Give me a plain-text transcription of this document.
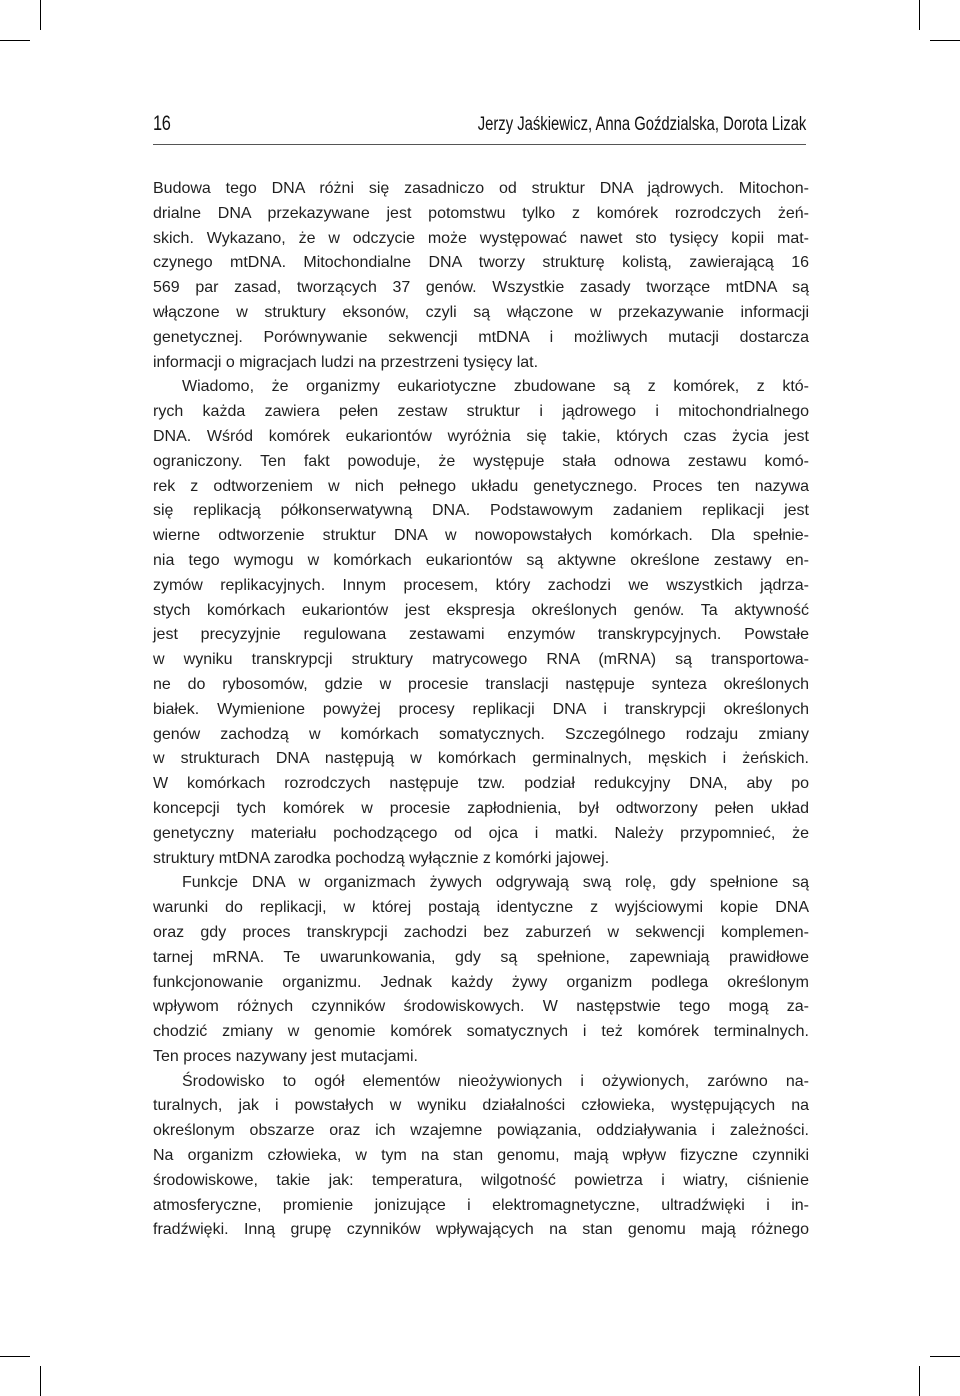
16	Jerzy Jaśkiewicz, Anna Goździalska, Dorota Lizak
Budowa tego DNA różni się zasadniczo od struktur DNA jądrowych. Mitochon-
drialne DNA przekazywane jest potomstwu tylko z komórek rozrodczych żeń-
skich. Wykazano, że w odczycie może występować nawet sto tysięcy kopii mat-
czynego mtDNA. Mitochondialne DNA tworzy strukturę kolistą, zawierającą 16
569 par zasad, tworzących 37 genów. Wszystkie zasady tworzące mtDNA są
włączone w struktury eksonów, czyli są włączone w przekazywanie informacji
genetycznej. Porównywanie sekwencji mtDNA i możliwych mutacji dostarcza
informacji o migracjach ludzi na przestrzeni tysięcy lat.
Wiadomo, że organizmy eukariotyczne zbudowane są z komórek, z któ-
rych każda zawiera pełen zestaw struktur i jądrowego i mitochondrialnego
DNA. Wśród komórek eukariontów wyróżnia się takie, których czas życia jest
ograniczony. Ten fakt powoduje, że występuje stała odnowa zestawu komó-
rek z odtworzeniem w nich pełnego układu genetycznego. Proces ten nazywa
się replikacją półkonserwatywną DNA. Podstawowym zadaniem replikacji jest
wierne odtworzenie struktur DNA w nowopowstałych komórkach. Dla spełnie-
nia tego wymogu w komórkach eukariontów są aktywne określone zestawy en-
zymów replikacyjnych. Innym procesem, który zachodzi we wszystkich jądrza-
stych komórkach eukariontów jest ekspresja określonych genów. Ta aktywność
jest precyzyjnie regulowana zestawami enzymów transkrypcyjnych. Powstałe
w wyniku transkrypcji struktury matrycowego RNA (mRNA) są transportowa-
ne do rybosomów, gdzie w procesie translacji następuje synteza określonych
białek. Wymienione powyżej procesy replikacji DNA i transkrypcji określonych
genów zachodzą w komórkach somatycznych. Szczególnego rodzaju zmiany
w strukturach DNA następują w komórkach germinalnych, męskich i żeńskich.
W komórkach rozrodczych następuje tzw. podział redukcyjny DNA, aby po
koncepcji tych komórek w procesie zapłodnienia, był odtworzony pełen układ
genetyczny materiału pochodzącego od ojca i matki. Należy przypomnieć, że
struktury mtDNA zarodka pochodzą wyłącznie z komórki jajowej.
Funkcje DNA w organizmach żywych odgrywają swą rolę, gdy spełnione są
warunki do replikacji, w której postają identyczne z wyjściowymi kopie DNA
oraz gdy proces transkrypcji zachodzi bez zaburzeń w sekwencji komplemen-
tarnej mRNA. Te uwarunkowania, gdy są spełnione, zapewniają prawidłowe
funkcjonowanie organizmu. Jednak każdy żywy organizm podlega określonym
wpływom różnych czynników środowiskowych. W następstwie tego mogą za-
chodzić zmiany w genomie komórek somatycznych i też komórek terminalnych.
Ten proces nazywany jest mutacjami.
Środowisko to ogół elementów nieożywionych i ożywionych, zarówno na-
turalnych, jak i powstałych w wyniku działalności człowieka, występujących na
określonym obszarze oraz ich wzajemne powiązania, oddziaływania i zależności.
Na organizm człowieka, w tym na stan genomu, mają wpływ fizyczne czynniki
środowiskowe, takie jak: temperatura, wilgotność powietrza i wiatry, ciśnienie
atmosferyczne, promienie jonizujące i elektromagnetyczne, ultradźwięki i in-
fradźwięki. Inną grupę czynników wpływających na stan genomu mają różnego
